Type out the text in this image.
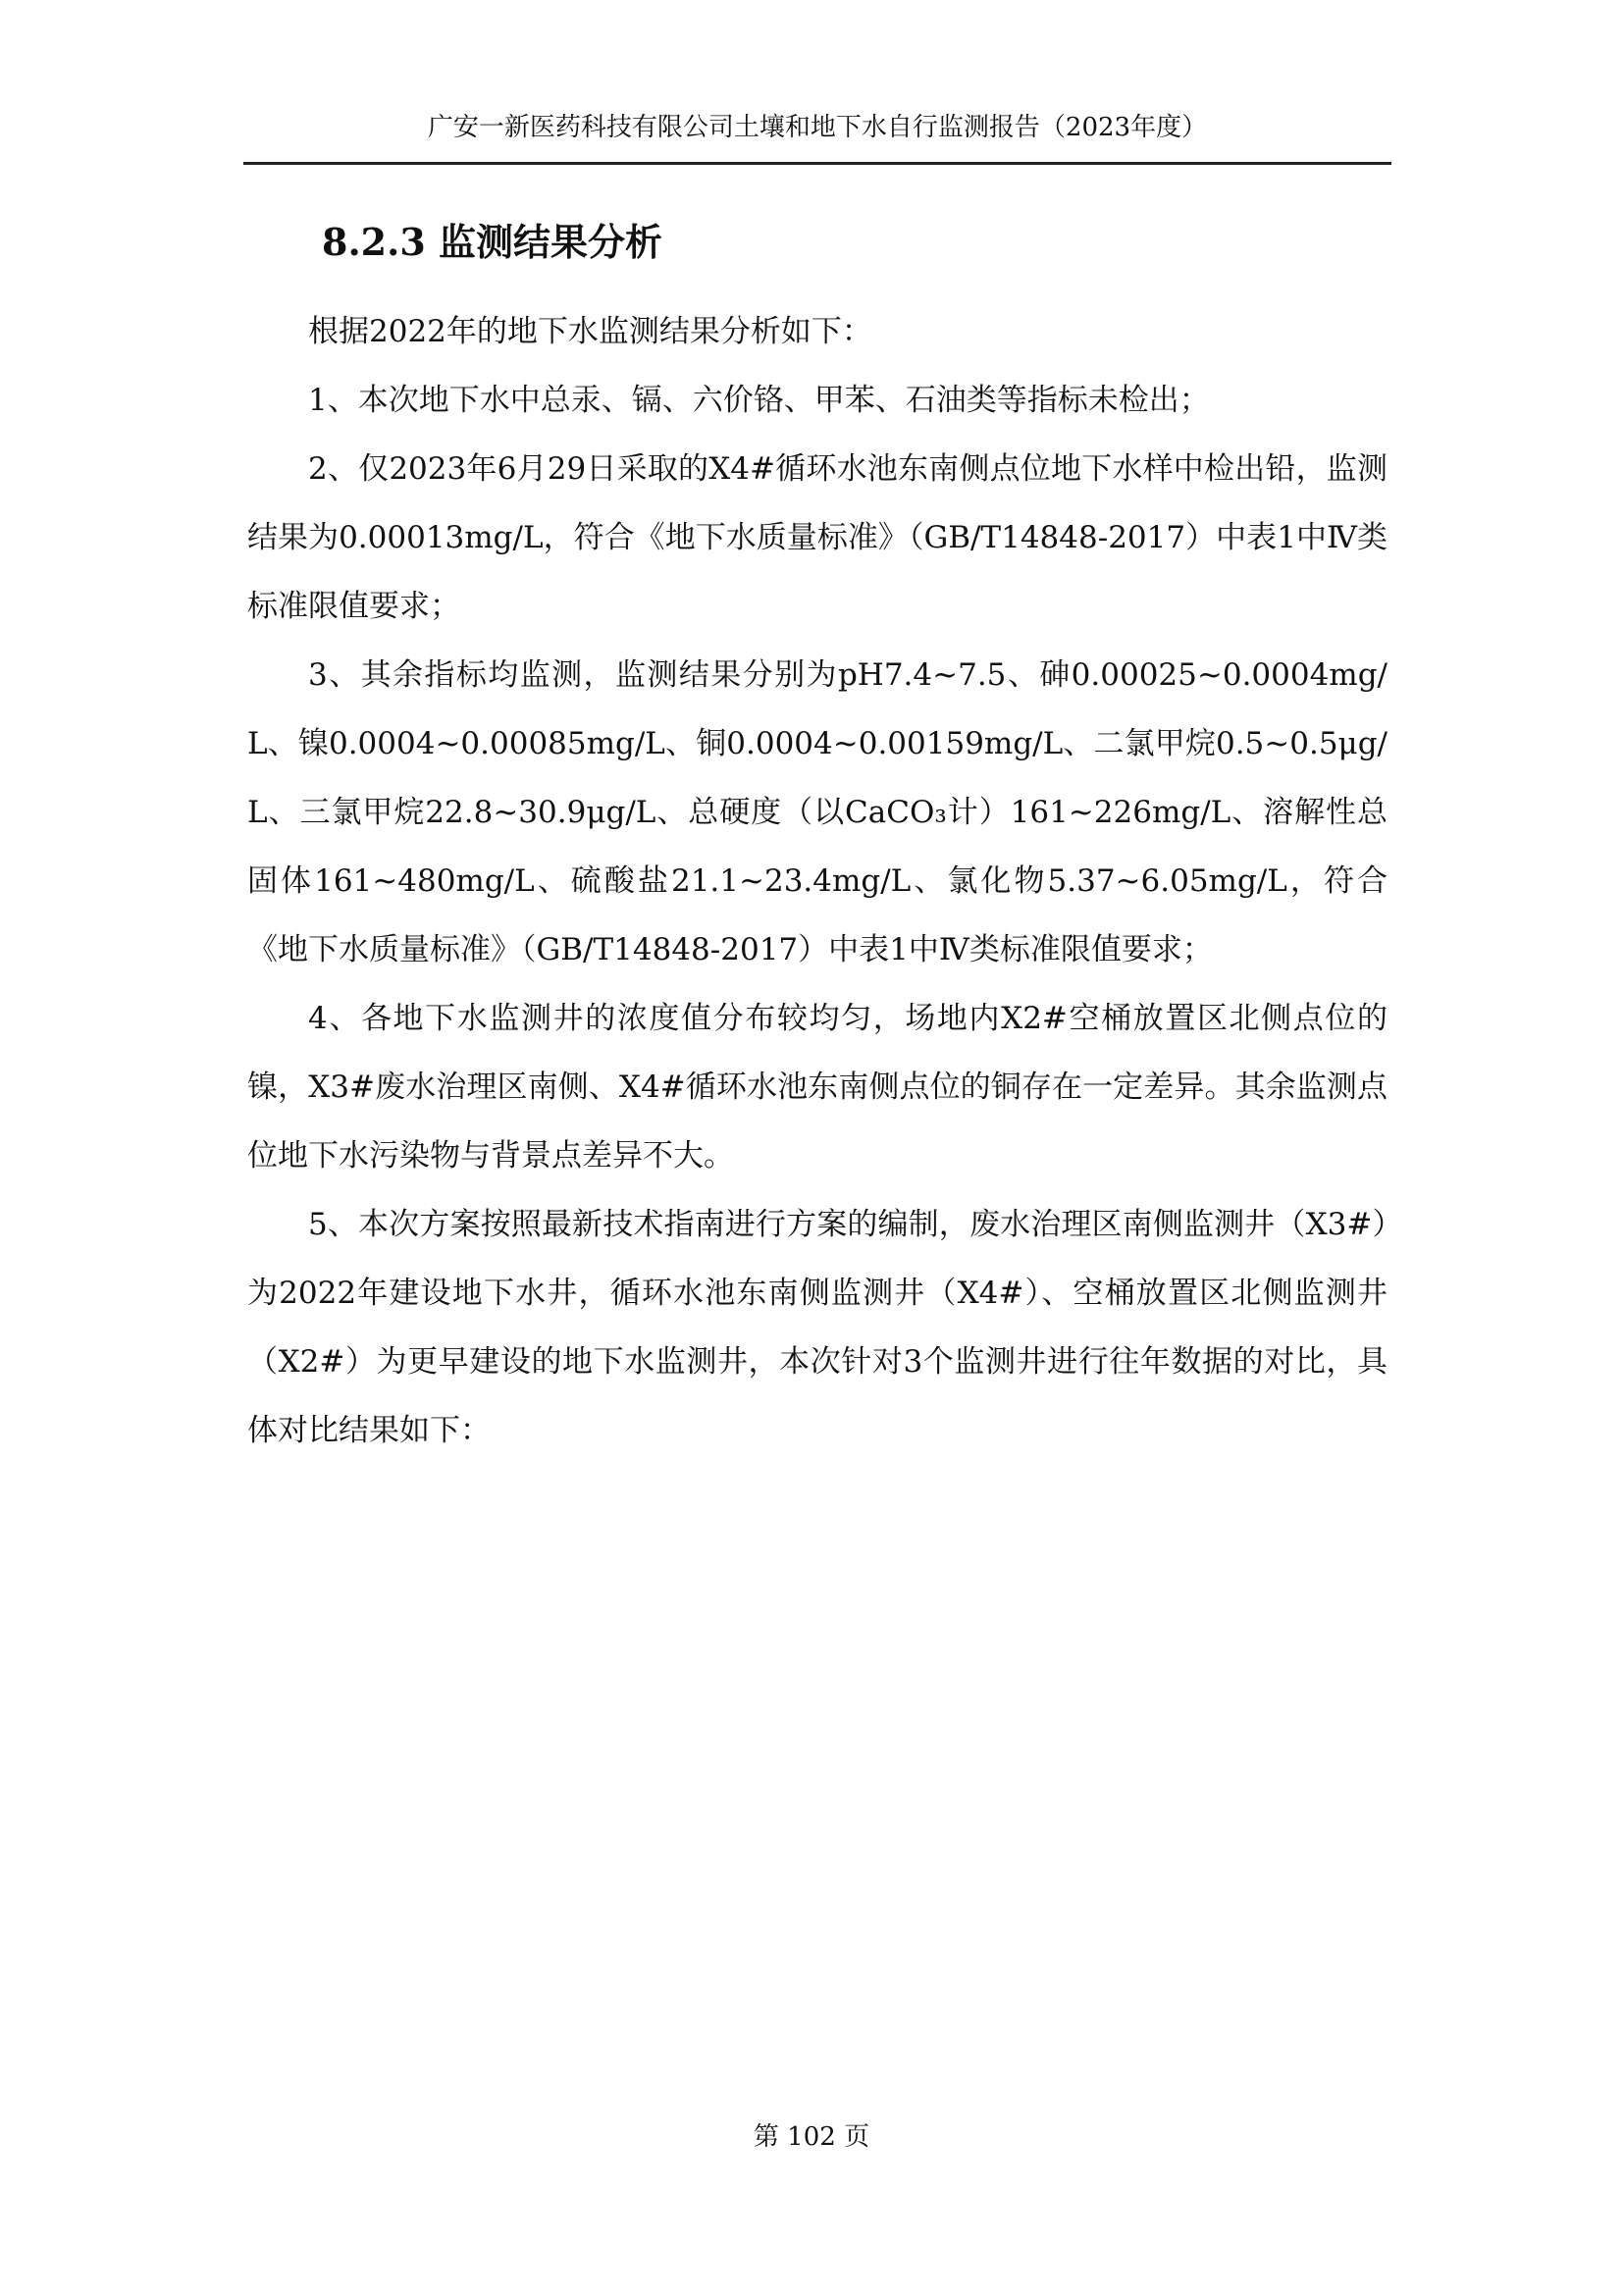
广安一新医药科技有限公司土壤和地下水自行监测报告（2023年度）
8.2.3 监测结果分析

根据2022年的地下水监测结果分析如下：

1、本次地下水中总汞、镉、六价铬、甲苯、石油类等指标未检出；

2、仅2023年6月29日采取的X4#循环水池东南侧点位地下水样中检出铅，监测结果为0.00013mg/L，符合《地下水质量标准》（GB/T14848-2017）中表1中Ⅳ类标准限值要求；

3、其余指标均监测，监测结果分别为pH7.4~7.5、砷0.00025~0.0004mg/L、镍0.0004~0.00085mg/L、铜0.0004~0.00159mg/L、二氯甲烷0.5~0.5μg/L、三氯甲烷22.8~30.9μg/L、总硬度（以CaCO₃计）161~226mg/L、溶解性总固体161~480mg/L、硫酸盐21.1~23.4mg/L、氯化物5.37~6.05mg/L，符合《地下水质量标准》（GB/T14848-2017）中表1中Ⅳ类标准限值要求；

4、各地下水监测井的浓度值分布较均匀，场地内X2#空桶放置区北侧点位的镍，X3#废水治理区南侧、X4#循环水池东南侧点位的铜存在一定差异。其余监测点位地下水污染物与背景点差异不大。

5、本次方案按照最新技术指南进行方案的编制，废水治理区南侧监测井（X3#）为2022年建设地下水井，循环水池东南侧监测井（X4#）、空桶放置区北侧监测井（X2#）为更早建设的地下水监测井，本次针对3个监测井进行往年数据的对比，具体对比结果如下：

第 102 页
